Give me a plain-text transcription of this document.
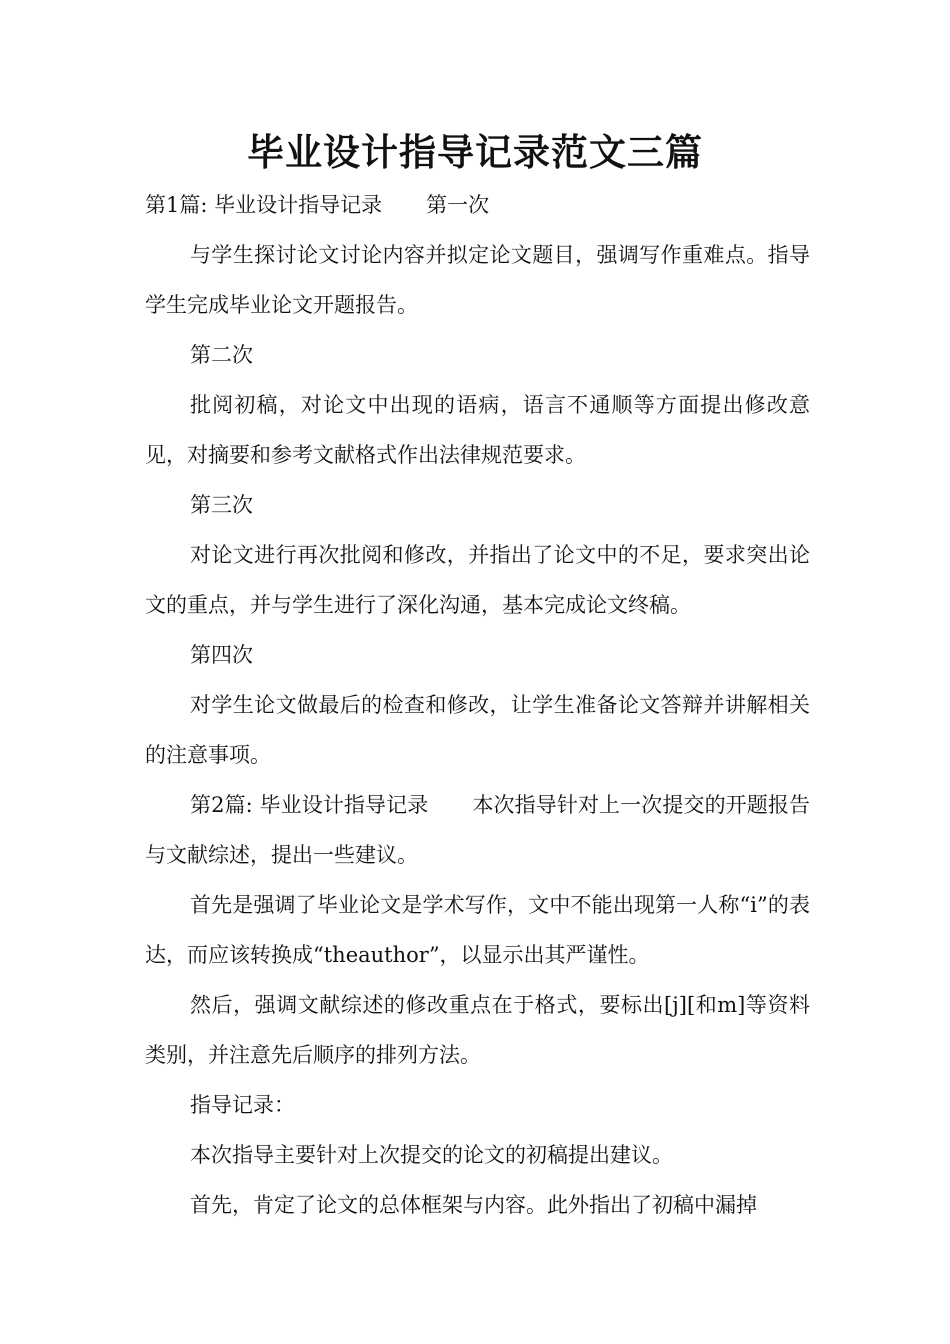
毕业设计指导记录范文三篇

第1篇: 毕业设计指导记录 第一次

与学生探讨论文讨论内容并拟定论文题目，强调写作重难点。指导学生完成毕业论文开题报告。

第二次

批阅初稿，对论文中出现的语病，语言不通顺等方面提出修改意见，对摘要和参考文献格式作出法律规范要求。

第三次

对论文进行再次批阅和修改，并指出了论文中的不足，要求突出论文的重点，并与学生进行了深化沟通，基本完成论文终稿。

第四次

对学生论文做最后的检查和修改，让学生准备论文答辩并讲解相关的注意事项。

第2篇: 毕业设计指导记录 本次指导针对上一次提交的开题报告与文献综述，提出一些建议。

首先是强调了毕业论文是学术写作，文中不能出现第一人称“i”的表达，而应该转换成“theauthor”，以显示出其严谨性。

然后，强调文献综述的修改重点在于格式，要标出[j][和m]等资料类别，并注意先后顺序的排列方法。

指导记录：

本次指导主要针对上次提交的论文的初稿提出建议。

首先，肯定了论文的总体框架与内容。此外指出了初稿中漏掉
